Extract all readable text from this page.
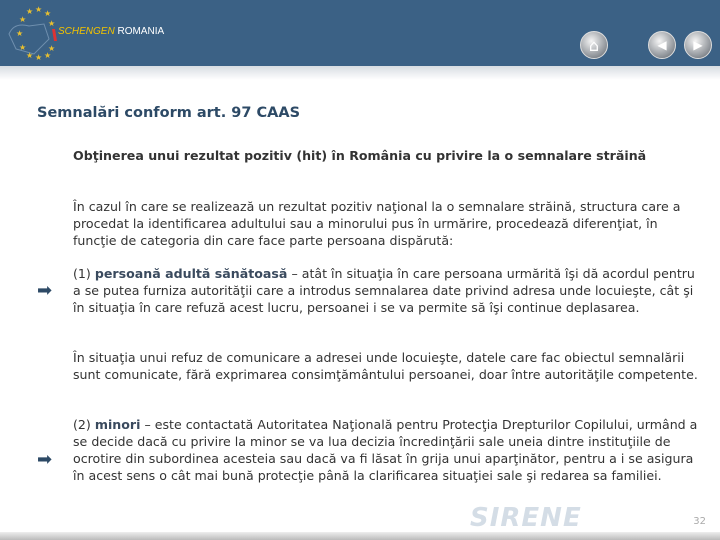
★ ★ ★
★	★
★
★	★
★ ★ ★
SCHENGEN ROMANIA
⌂	◀ ▶
Semnalări conform art. 97 CAAS
Obţinerea unui rezultat pozitiv (hit) în România cu privire la o semnalare străină
În cazul în care se realizează un rezultat pozitiv naţional la o semnalare străină, structura care a procedat la identificarea adultului sau a minorului pus în urmărire, procedează diferenţiat, în funcţie de categoria din care face parte persoana dispărută:
➡
(1) persoană adultă sănătoasă – atât în situaţia în care persoana urmărită îşi dă acordul pentru a se putea furniza autorităţii care a introdus semnalarea date privind adresa unde locuieşte, cât şi în situaţia în care refuză acest lucru, persoanei i se va permite să îşi continue deplasarea.
În situaţia unui refuz de comunicare a adresei unde locuieşte, datele care fac obiectul semnalării sunt comunicate, fără exprimarea consimţământului persoanei, doar între autorităţile competente.
➡
(2) minori – este contactată Autoritatea Naţională pentru Protecţia Drepturilor Copilului, urmând a se decide dacă cu privire la minor se va lua decizia încredinţării sale uneia dintre instituţiile de ocrotire din subordinea acesteia sau dacă va fi lăsat în grija unui aparţinător, pentru a i se asigura în acest sens o cât mai bună protecţie până la clarificarea situaţiei sale şi redarea sa familiei.
SIRENE	32
